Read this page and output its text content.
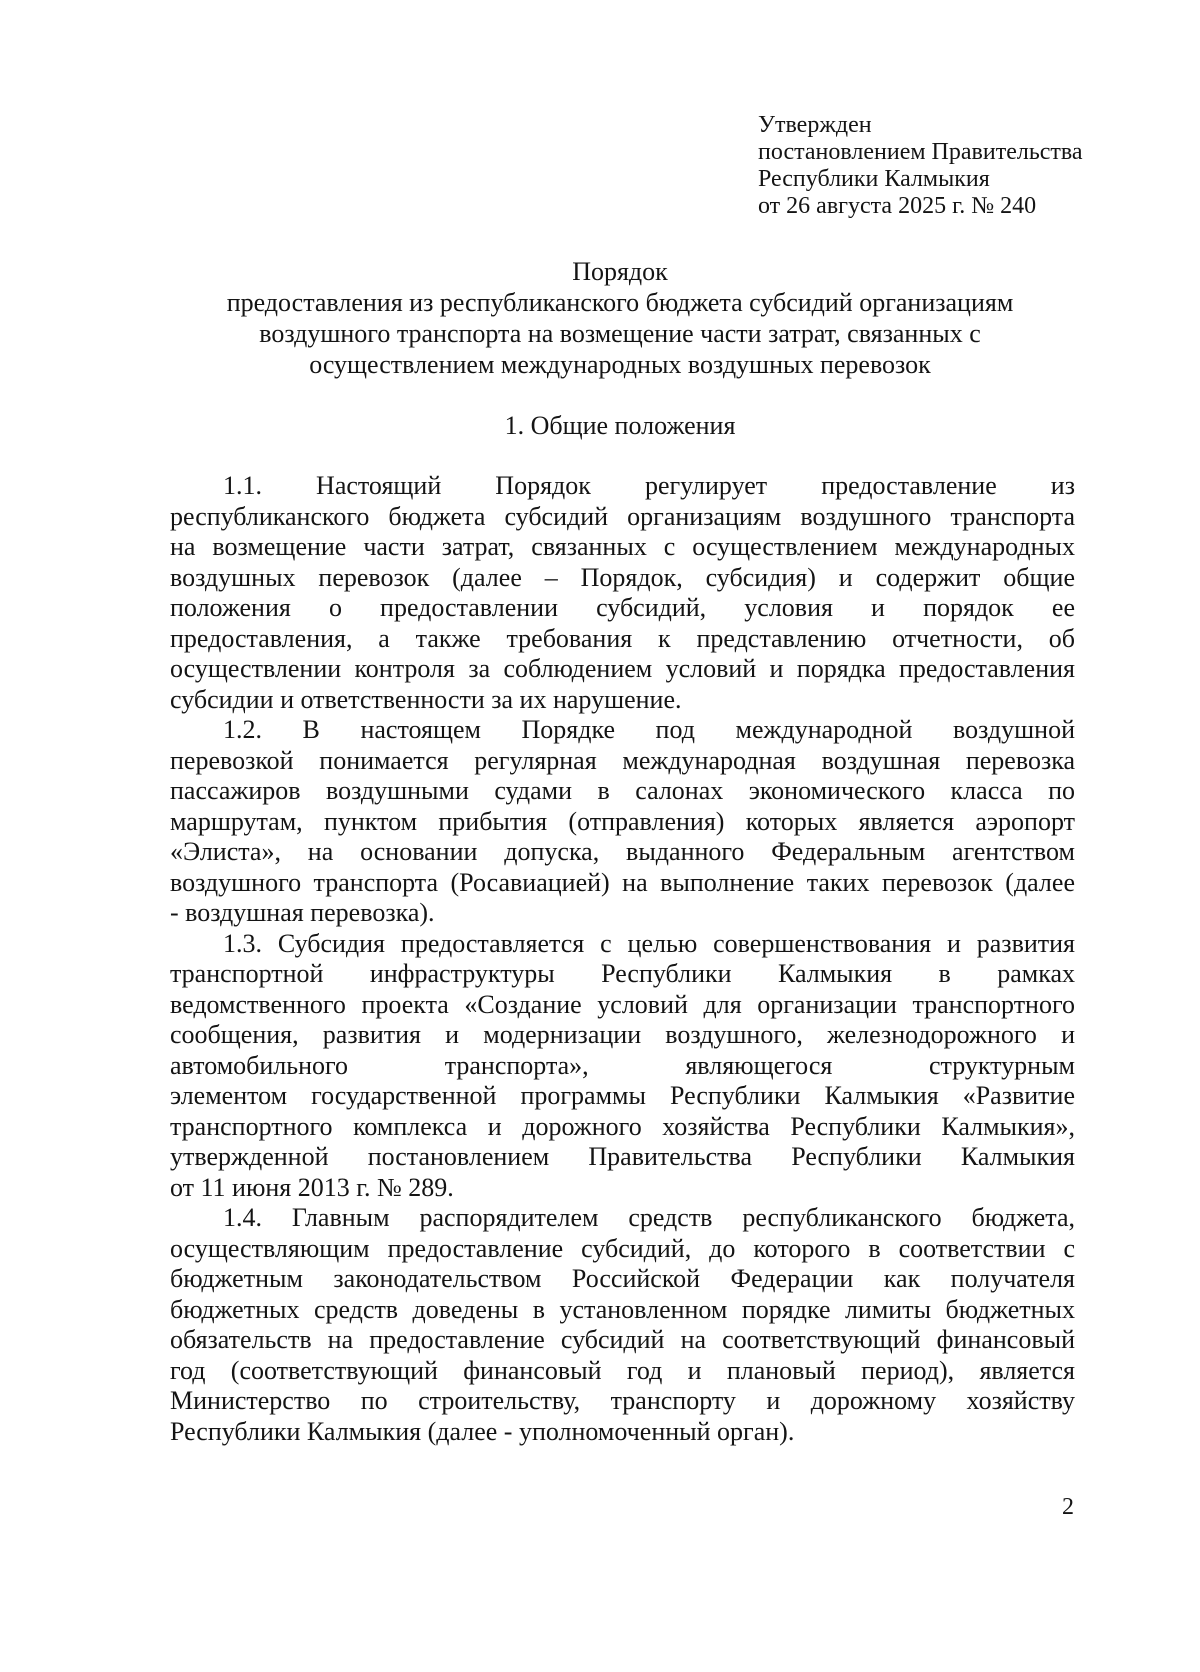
Утвержден
постановлением Правительства
Республики Калмыкия
от 26 августа 2025 г. № 240
Порядок
предоставления из республиканского бюджета субсидий организациям
воздушного транспорта на возмещение части затрат, связанных с
осуществлением международных воздушных перевозок
1. Общие положения
1.1. Настоящий Порядок регулирует предоставление из
республиканского бюджета субсидий организациям воздушного транспорта
на возмещение части затрат, связанных с осуществлением международных
воздушных перевозок (далее – Порядок, субсидия) и содержит общие
положения о предоставлении субсидий, условия и порядок ее
предоставления, а также требования к представлению отчетности, об
осуществлении контроля за соблюдением условий и порядка предоставления
субсидии и ответственности за их нарушение.
1.2. В настоящем Порядке под международной воздушной
перевозкой понимается регулярная международная воздушная перевозка
пассажиров воздушными судами в салонах экономического класса по
маршрутам, пунктом прибытия (отправления) которых является аэропорт
«Элиста», на основании допуска, выданного Федеральным агентством
воздушного транспорта (Росавиацией) на выполнение таких перевозок (далее
- воздушная перевозка).
1.3. Субсидия предоставляется с целью совершенствования и развития
транспортной инфраструктуры Республики Калмыкия в рамках
ведомственного проекта «Создание условий для организации транспортного
сообщения, развития и модернизации воздушного, железнодорожного и
автомобильного транспорта», являющегося структурным
элементом государственной программы Республики Калмыкия «Развитие
транспортного комплекса и дорожного хозяйства Республики Калмыкия»,
утвержденной постановлением Правительства Республики Калмыкия
от 11 июня 2013 г. № 289.
1.4. Главным распорядителем средств республиканского бюджета,
осуществляющим предоставление субсидий, до которого в соответствии с
бюджетным законодательством Российской Федерации как получателя
бюджетных средств доведены в установленном порядке лимиты бюджетных
обязательств на предоставление субсидий на соответствующий финансовый
год (соответствующий финансовый год и плановый период), является
Министерство по строительству, транспорту и дорожному хозяйству
Республики Калмыкия (далее - уполномоченный орган).
2
